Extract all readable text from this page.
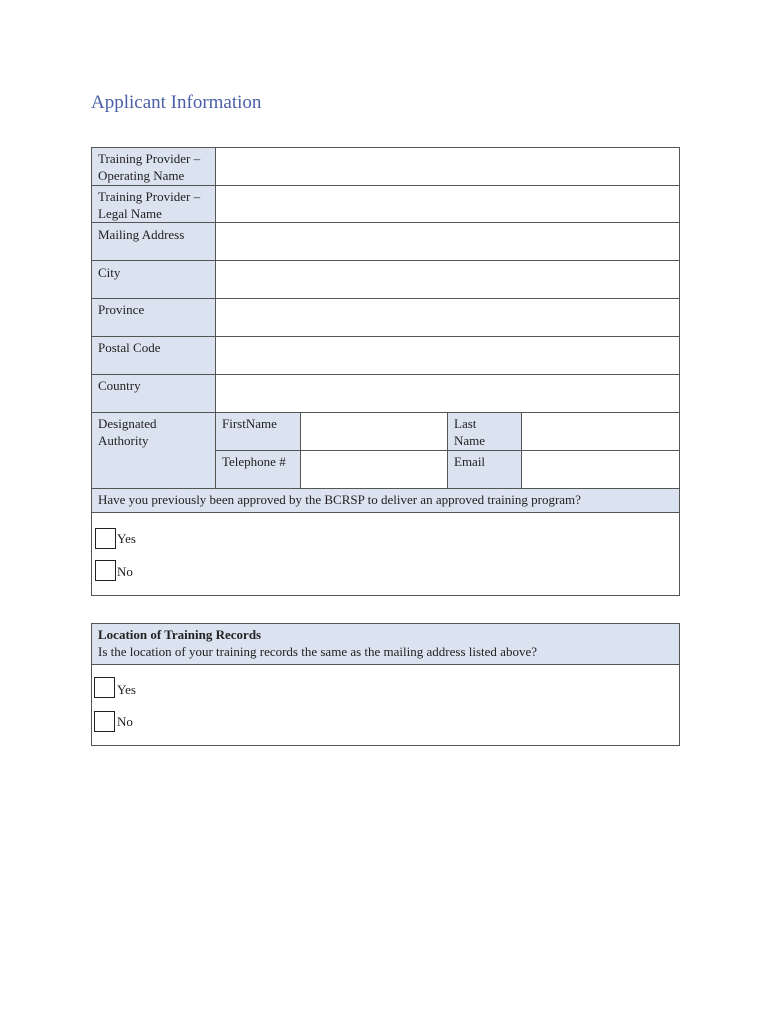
Applicant Information
Training Provider – Operating Name
Training Provider – Legal Name
Mailing Address
City
Province
Postal Code
Country
Designated Authority
FirstName	Last Name
Telephone #	Email
Have you previously been approved by the BCRSP to deliver an approved training program?
Yes
No
Location of Training Records
Is the location of your training records the same as the mailing address listed above?
Yes
No
